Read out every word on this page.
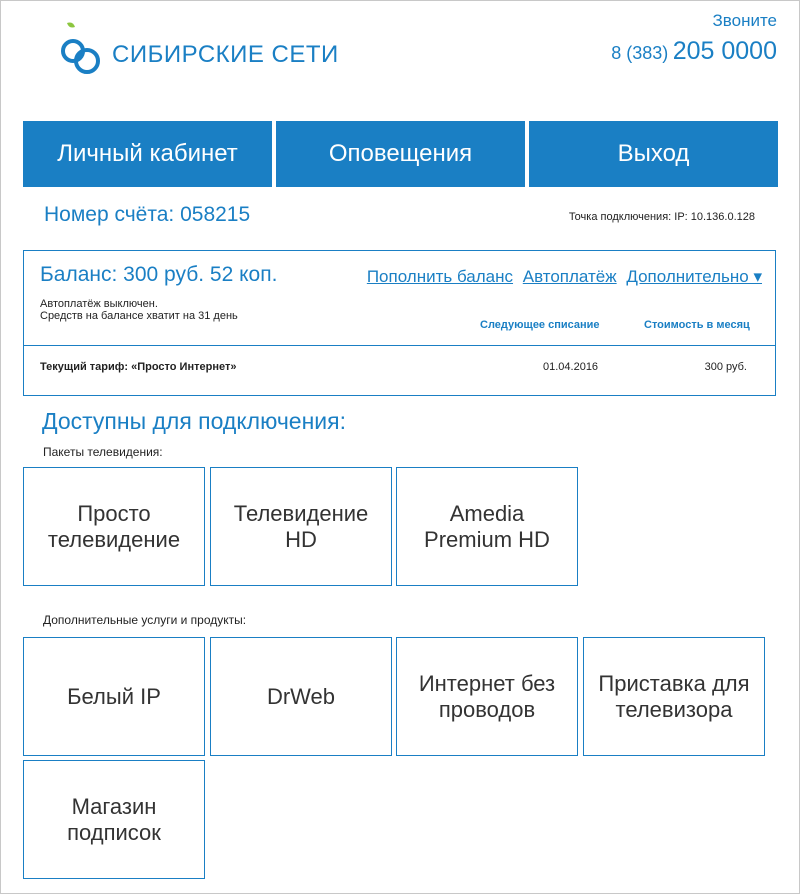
СИБИРСКИЕ СЕТИ
Звоните
8 (383) 205 0000
Личный кабинет	Оповещения	Выход
Номер счёта: 058215	Точка подключения: IP: 10.136.0.128
Баланс: 300 руб. 52 коп.	Пополнить баланс Автоплатёж Дополнительно ▾
Автоплатёж выключен.
Средств на балансе хватит на 31 день
Следующее списание	Стоимость в месяц
Текущий тариф: «Просто Интернет»	01.04.2016	300 руб.
Доступны для подключения:
Пакеты телевидения:
Просто
телевидение
Телевидение
HD
Amedia
Premium HD
Дополнительные услуги и продукты:
Белый IP	DrWeb
Интернет без
проводов
Приставка для
телевизора
Магазин
подписок
